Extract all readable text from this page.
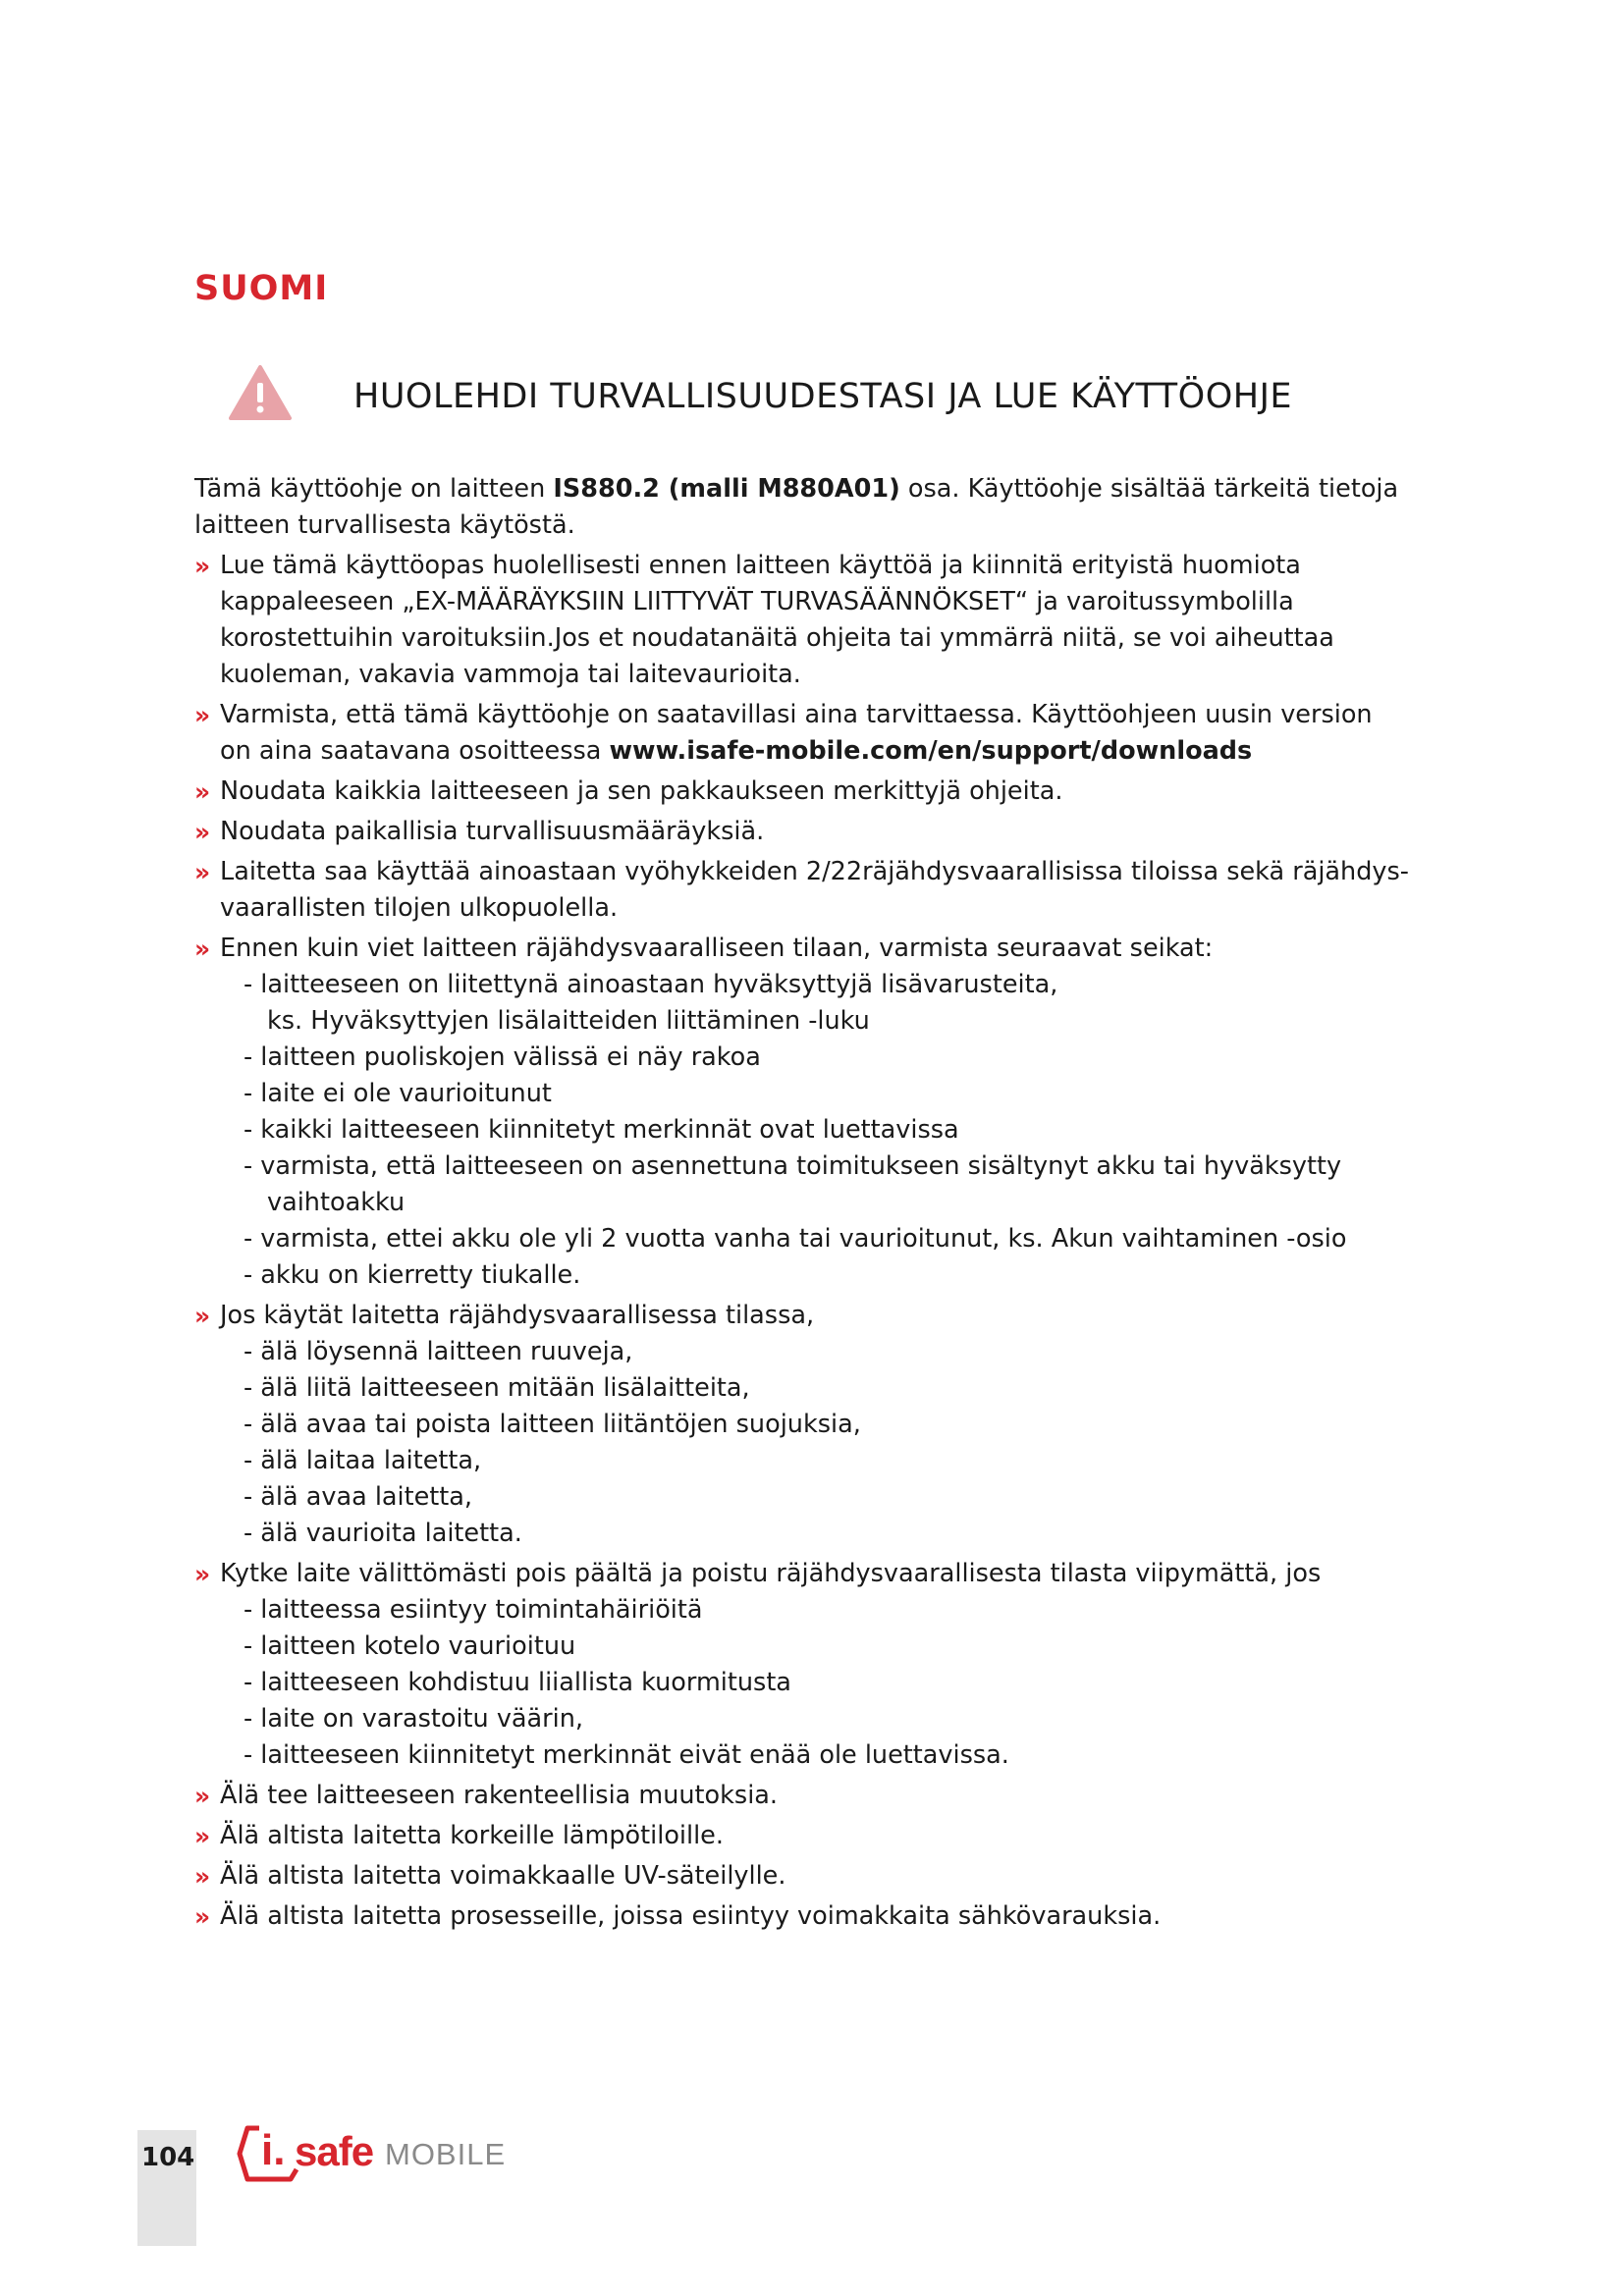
SUOMI
HUOLEHDI TURVALLISUUDESTASI JA LUE KÄYTTÖOHJE
Tämä käyttöohje on laitteen IS880.2 (malli M880A01) osa. Käyttöohje sisältää tärkeitä tietoja
laitteen turvallisesta käytöstä.
» Lue tämä käyttöopas huolellisesti ennen laitteen käyttöä ja kiinnitä erityistä huomiota
kappaleeseen „EX-MÄÄRÄYKSIIN LIITTYVÄT TURVASÄÄNNÖKSET“ ja varoitussymbolilla
korostettuihin varoituksiin.Jos et noudatanäitä ohjeita tai ymmärrä niitä, se voi aiheuttaa
kuoleman, vakavia vammoja tai laitevaurioita.
» Varmista, että tämä käyttöohje on saatavillasi aina tarvittaessa. Käyttöohjeen uusin version
on aina saatavana osoitteessa www.isafe-mobile.com/en/support/downloads
» Noudata kaikkia laitteeseen ja sen pakkaukseen merkittyjä ohjeita.
» Noudata paikallisia turvallisuusmääräyksiä.
» Laitetta saa käyttää ainoastaan vyöhykkeiden 2/22räjähdysvaarallisissa tiloissa sekä räjähdys-
vaarallisten tilojen ulkopuolella.
» Ennen kuin viet laitteen räjähdysvaaralliseen tilaan, varmista seuraavat seikat:
- laitteeseen on liitettynä ainoastaan hyväksyttyjä lisävarusteita,
ks. Hyväksyttyjen lisälaitteiden liittäminen -luku
- laitteen puoliskojen välissä ei näy rakoa
- laite ei ole vaurioitunut
- kaikki laitteeseen kiinnitetyt merkinnät ovat luettavissa
- varmista, että laitteeseen on asennettuna toimitukseen sisältynyt akku tai hyväksytty
vaihtoakku
- varmista, ettei akku ole yli 2 vuotta vanha tai vaurioitunut, ks. Akun vaihtaminen -osio
- akku on kierretty tiukalle.
» Jos käytät laitetta räjähdysvaarallisessa tilassa,
- älä löysennä laitteen ruuveja,
- älä liitä laitteeseen mitään lisälaitteita,
- älä avaa tai poista laitteen liitäntöjen suojuksia,
- älä laitaa laitetta,
- älä avaa laitetta,
- älä vaurioita laitetta.
» Kytke laite välittömästi pois päältä ja poistu räjähdysvaarallisesta tilasta viipymättä, jos
- laitteessa esiintyy toimintahäiriöitä
- laitteen kotelo vaurioituu
- laitteeseen kohdistuu liiallista kuormitusta
- laite on varastoitu väärin,
- laitteeseen kiinnitetyt merkinnät eivät enää ole luettavissa.
» Älä tee laitteeseen rakenteellisia muutoksia.
» Älä altista laitetta korkeille lämpötiloille.
» Älä altista laitetta voimakkaalle UV-säteilylle.
» Älä altista laitetta prosesseille, joissa esiintyy voimakkaita sähkövarauksia.
104 i. safe MOBILE
